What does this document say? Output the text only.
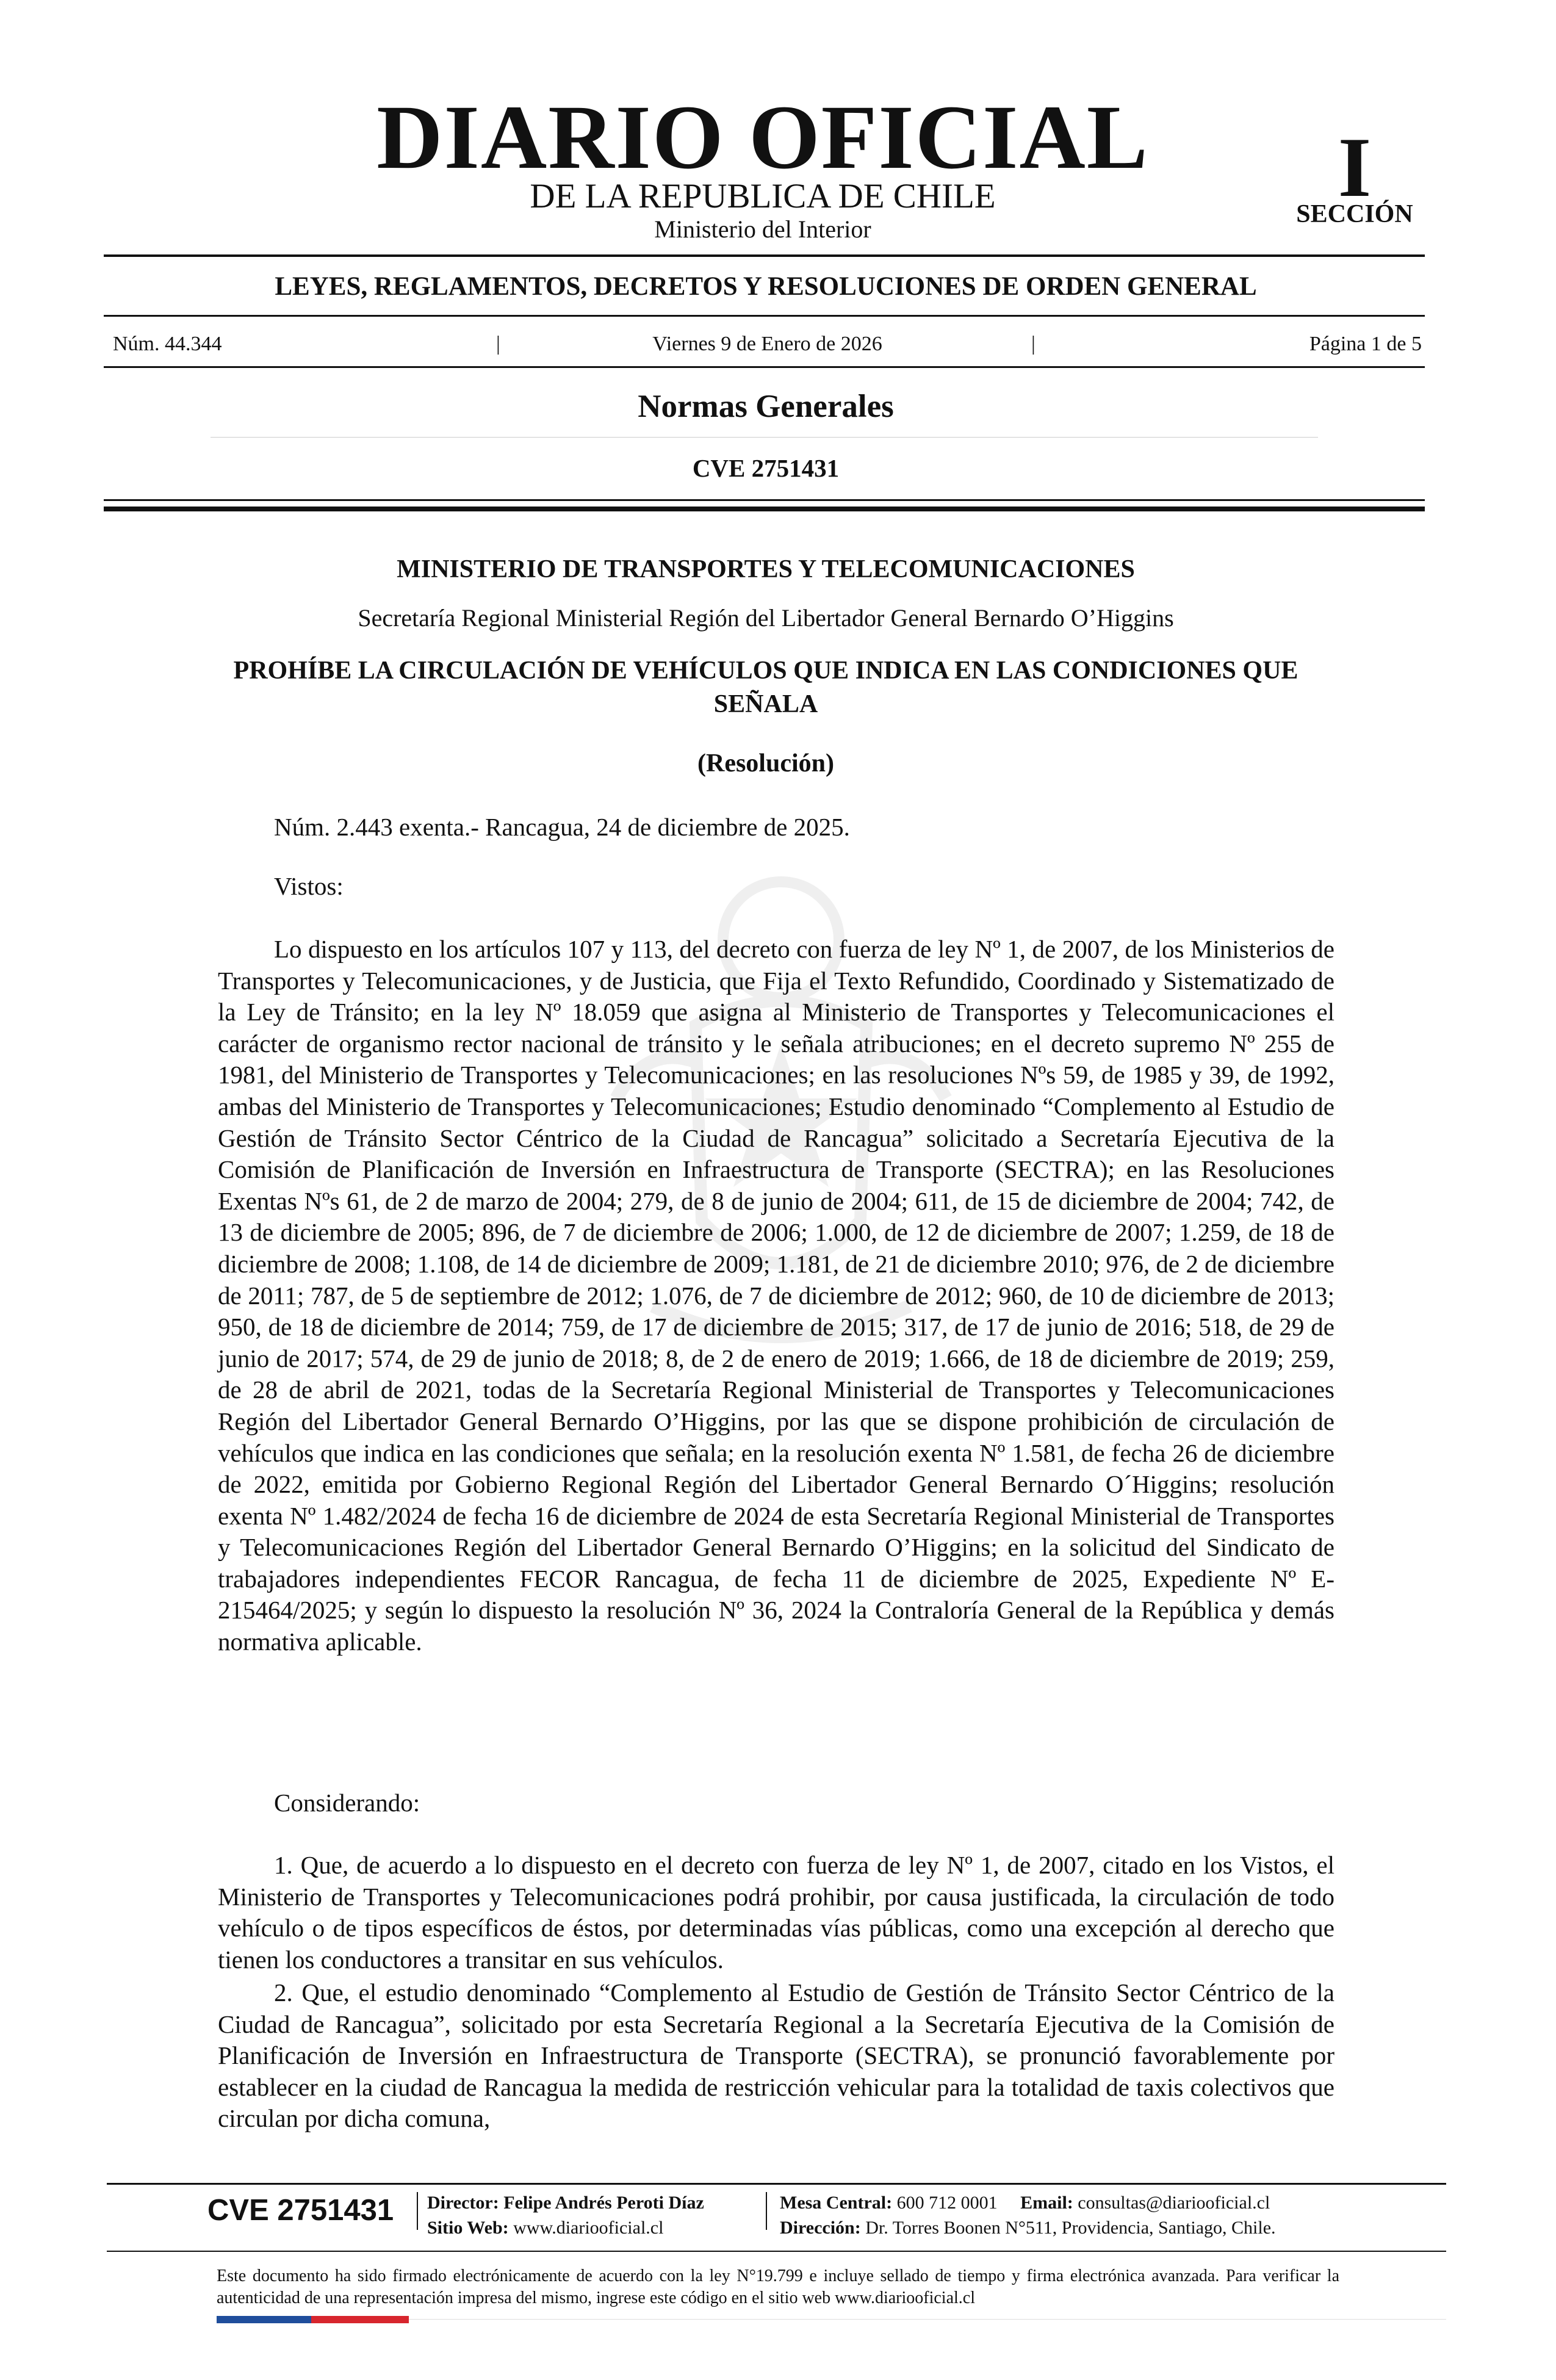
DIARIO OFICIAL
DE LA REPUBLICA DE CHILE
Ministerio del Interior
I
SECCIÓN
LEYES, REGLAMENTOS, DECRETOS Y RESOLUCIONES DE ORDEN GENERAL
Núm. 44.344	Viernes 9 de Enero de 2026
|	|	Página 1 de 5
Normas Generales
CVE 2751431
MINISTERIO DE TRANSPORTES Y TELECOMUNICACIONES
Secretaría Regional Ministerial Región del Libertador General Bernardo O’Higgins
PROHÍBE LA CIRCULACIÓN DE VEHÍCULOS QUE INDICA EN LAS CONDICIONES QUE SEÑALA
(Resolución)

Núm. 2.443 exenta.- Rancagua, 24 de diciembre de 2025.

Vistos:

Lo dispuesto en los artículos 107 y 113, del decreto con fuerza de ley Nº 1, de 2007, de los Ministerios de Transportes y Telecomunicaciones, y de Justicia, que Fija el Texto Refundido, Coordinado y Sistematizado de la Ley de Tránsito; en la ley Nº 18.059 que asigna al Ministerio de Transportes y Telecomunicaciones el carácter de organismo rector nacional de tránsito y le señala atribuciones; en el decreto supremo Nº 255 de 1981, del Ministerio de Transportes y Telecomunicaciones; en las resoluciones Nºs 59, de 1985 y 39, de 1992, ambas del Ministerio de Transportes y Telecomunicaciones; Estudio denominado “Complemento al Estudio de Gestión de Tránsito Sector Céntrico de la Ciudad de Rancagua” solicitado a Secretaría Ejecutiva de la Comisión de Planificación de Inversión en Infraestructura de Transporte (SECTRA); en las Resoluciones Exentas Nºs 61, de 2 de marzo de 2004; 279, de 8 de junio de 2004; 611, de 15 de diciembre de 2004; 742, de 13 de diciembre de 2005; 896, de 7 de diciembre de 2006; 1.000, de 12 de diciembre de 2007; 1.259, de 18 de diciembre de 2008; 1.108, de 14 de diciembre de 2009; 1.181, de 21 de diciembre 2010; 976, de 2 de diciembre de 2011; 787, de 5 de septiembre de 2012; 1.076, de 7 de diciembre de 2012; 960, de 10 de diciembre de 2013; 950, de 18 de diciembre de 2014; 759, de 17 de diciembre de 2015; 317, de 17 de junio de 2016; 518, de 29 de junio de 2017; 574, de 29 de junio de 2018; 8, de 2 de enero de 2019; 1.666, de 18 de diciembre de 2019; 259, de 28 de abril de 2021, todas de la Secretaría Regional Ministerial de Transportes y Telecomunicaciones Región del Libertador General Bernardo O’Higgins, por las que se dispone prohibición de circulación de vehículos que indica en las condiciones que señala; en la resolución exenta Nº 1.581, de fecha 26 de diciembre de 2022, emitida por Gobierno Regional Región del Libertador General Bernardo O´Higgins; resolución exenta Nº 1.482/2024 de fecha 16 de diciembre de 2024 de esta Secretaría Regional Ministerial de Transportes y Telecomunicaciones Región del Libertador General Bernardo O’Higgins; en la solicitud del Sindicato de trabajadores independientes FECOR Rancagua, de fecha 11 de diciembre de 2025, Expediente Nº E-215464/2025; y según lo dispuesto la resolución Nº 36, 2024 la Contraloría General de la República y demás normativa aplicable.

Considerando:

1. Que, de acuerdo a lo dispuesto en el decreto con fuerza de ley Nº 1, de 2007, citado en los Vistos, el Ministerio de Transportes y Telecomunicaciones podrá prohibir, por causa justificada, la circulación de todo vehículo o de tipos específicos de éstos, por determinadas vías públicas, como una excepción al derecho que tienen los conductores a transitar en sus vehículos.

2. Que, el estudio denominado “Complemento al Estudio de Gestión de Tránsito Sector Céntrico de la Ciudad de Rancagua”, solicitado por esta Secretaría Regional a la Secretaría Ejecutiva de la Comisión de Planificación de Inversión en Infraestructura de Transporte (SECTRA), se pronunció favorablemente por establecer en la ciudad de Rancagua la medida de restricción vehicular para la totalidad de taxis colectivos que circulan por dicha comuna,

CVE 2751431 Director: Felipe Andrés Peroti Díaz
Sitio Web: www.diariooficial.cl
Mesa Central: 600 712 0001 Email: consultas@diariooficial.cl
Dirección: Dr. Torres Boonen N°511, Providencia, Santiago, Chile.
Este documento ha sido firmado electrónicamente de acuerdo con la ley N°19.799 e incluye sellado de tiempo y firma electrónica avanzada. Para verificar la autenticidad de una representación impresa del mismo, ingrese este código en el sitio web www.diariooficial.cl
